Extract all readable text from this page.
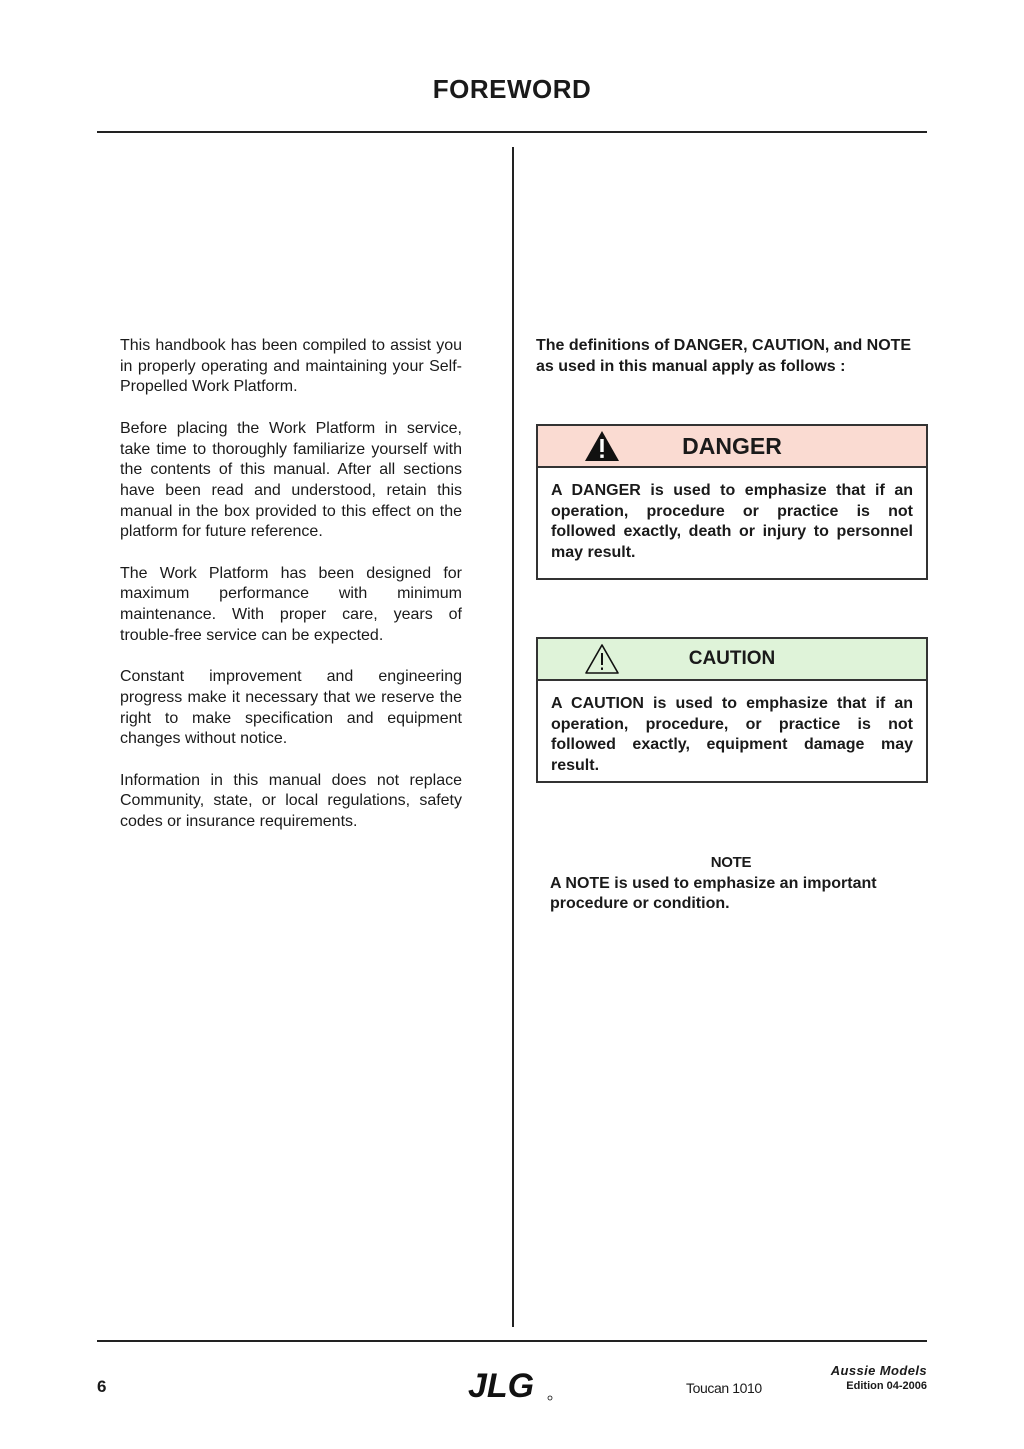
FOREWORD

This handbook has been compiled to assist you in properly operating and maintaining your Self-Propelled Work Platform.

Before placing the Work Platform in service, take time to thoroughly familiarize yourself with the contents of this manual. After all sections have been read and understood, retain this manual in the box provided to this effect on the platform for future reference.

The Work Platform has been designed for maximum performance with minimum maintenance. With proper care, years of trouble-free service can be expected.

Constant improvement and engineering progress make it necessary that we reserve the right to make specification and equipment changes without notice.

Information in this manual does not replace Community, state, or local regulations, safety codes or insurance requirements.

The definitions of DANGER, CAUTION, and NOTE as used in this manual apply as follows :
DANGER
A DANGER is used to emphasize that if an operation, procedure or practice is not followed exactly, death or injury to personnel may result.
CAUTION
A CAUTION is used to emphasize that if an operation, procedure, or practice is not followed exactly, equipment damage may result.
NOTE
A NOTE is used to emphasize an important procedure or condition.
6	JLG	Toucan 1010
Aussie Models
Edition 04-2006
